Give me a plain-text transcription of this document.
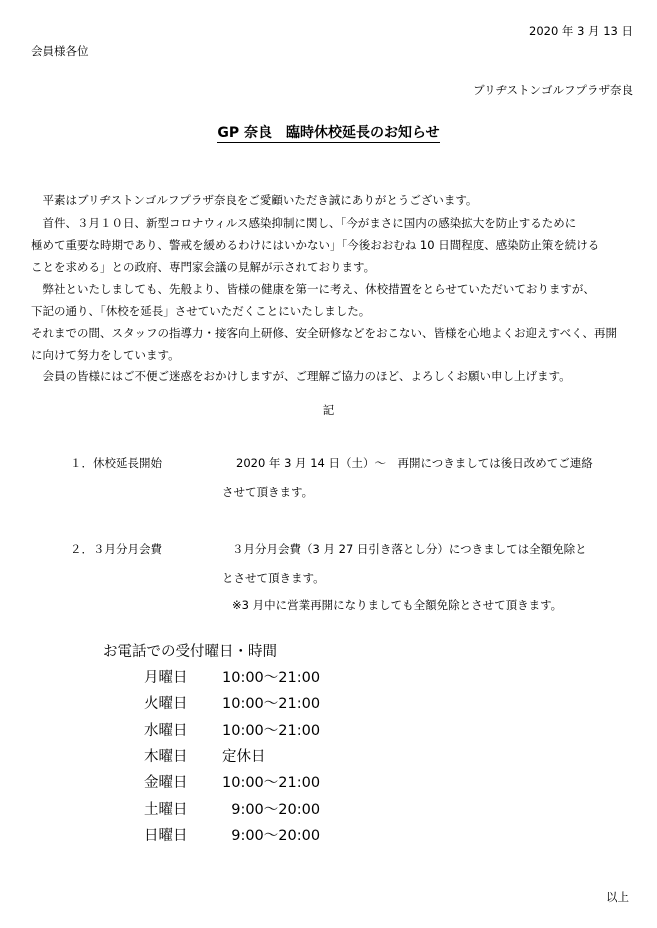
2020 年 3 月 13 日
会員様各位
ブリヂストンゴルフプラザ奈良
GP 奈良　臨時休校延長のお知らせ
　平素はブリヂストンゴルフプラザ奈良をご愛顧いただき誠にありがとうございます。
　首件、３月１０日、新型コロナウィルス感染抑制に関し、「今がまさに国内の感染拡大を防止するために
極めて重要な時期であり、警戒を緩めるわけにはいかない」「今後おおむね 10 日間程度、感染防止策を続ける
ことを求める」との政府、専門家会議の見解が示されております。
　弊社といたしましても、先般より、皆様の健康を第一に考え、休校措置をとらせていただいておりますが、
下記の通り、「休校を延長」させていただくことにいたしました。
それまでの間、スタッフの指導力・接客向上研修、安全研修などをおこない、皆様を心地よくお迎えすべく、再開
に向けて努力をしています。
　会員の皆様にはご不便ご迷惑をおかけしますが、ご理解ご協力のほど、よろしくお願い申し上げます。
記
１．休校延長開始	2020 年 3 月 14 日（土）～　再開につきましては後日改めてご連絡
させて頂きます。
２．３月分月会費	３月分月会費（3 月 27 日引き落とし分）につきましては全額免除と
とさせて頂きます。
※3 月中に営業再開になりましても全額免除とさせて頂きます。
お電話での受付曜日・時間
月曜日 10:00～21:00
火曜日 10:00～21:00
水曜日 10:00～21:00
木曜日 定休日
金曜日 10:00～21:00
土曜日 9:00～20:00
日曜日 9:00～20:00
以上
